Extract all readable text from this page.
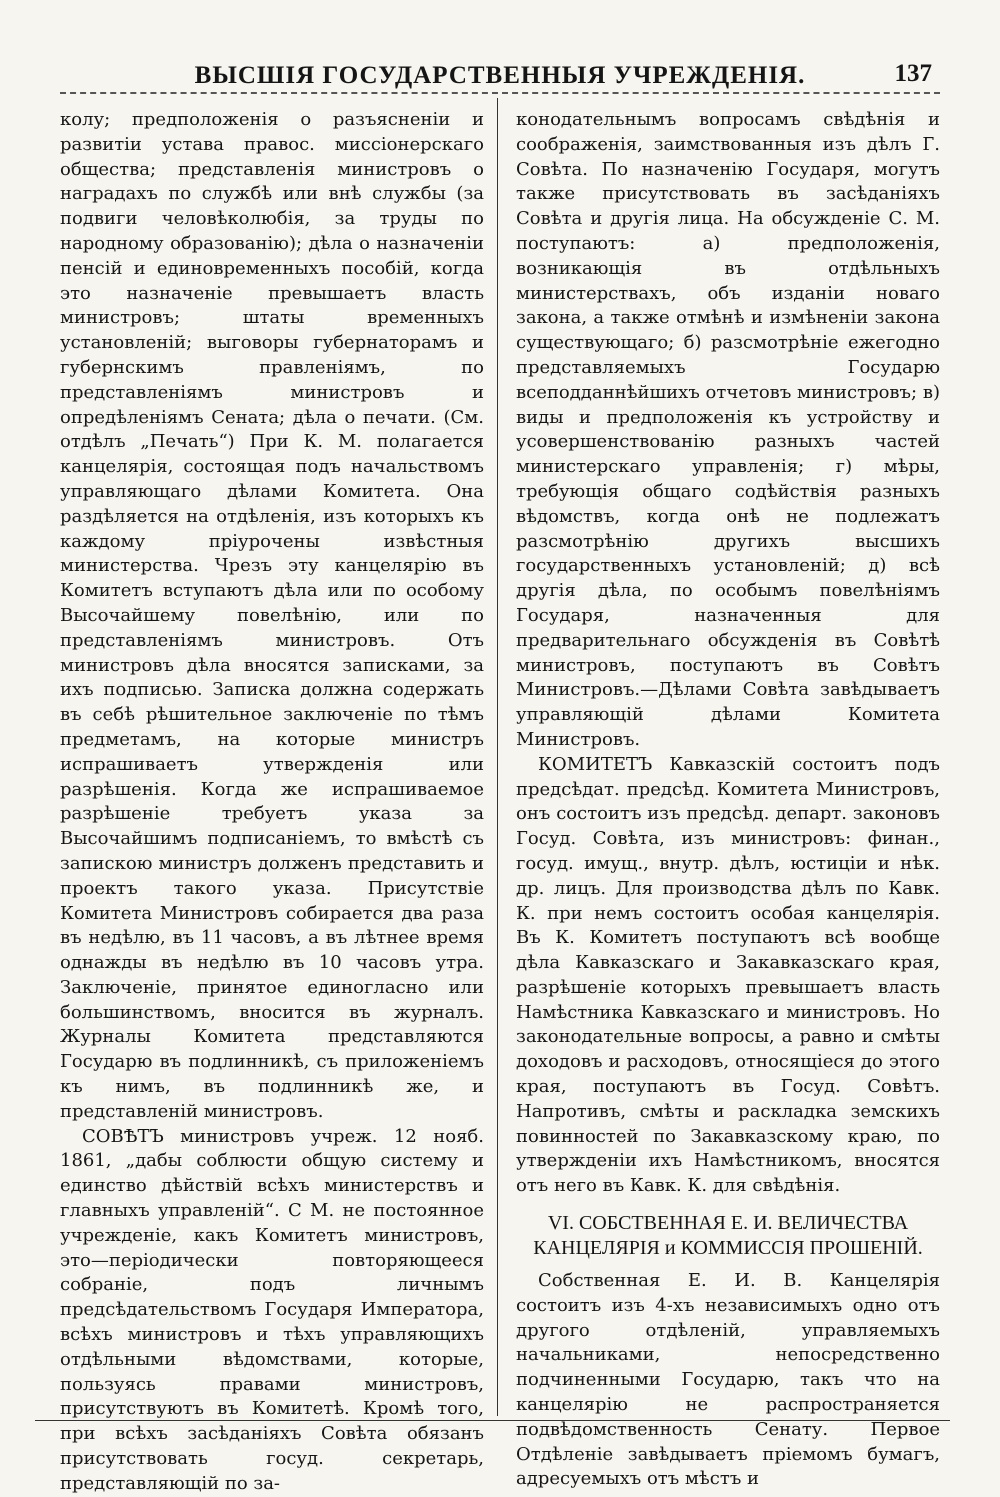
ВЫСШІЯ ГОСУДАРСТВЕННЫЯ УЧРЕЖДЕНІЯ.	137

колу; предположенія о разъясненіи и развитіи устава правос. миссіонерскаго общества; представленія министровъ о наградахъ по службѣ или внѣ службы (за подвиги человѣколюбія, за труды по народному образованію); дѣла о назначеніи пенсій и единовременныхъ пособій, когда это назначеніе превышаетъ власть министровъ; штаты временныхъ установленій; выговоры губернаторамъ и губернскимъ правленіямъ, по представленіямъ министровъ и опредѣленіямъ Сената; дѣла о печати. (См. отдѣлъ „Печать“) При К. М. полагается канцелярія, состоящая подъ начальствомъ управляющаго дѣлами Комитета. Она раздѣляется на отдѣленія, изъ которыхъ къ каждому пріурочены извѣстныя министерства. Чрезъ эту канцелярію въ Комитетъ вступаютъ дѣла или по особому Высочайшему повелѣнію, или по представленіямъ министровъ. Отъ министровъ дѣла вносятся записками, за ихъ подписью. Записка должна содержать въ себѣ рѣшительное заключеніе по тѣмъ предметамъ, на которые министръ испрашиваетъ утвержденія или разрѣшенія. Когда же испрашиваемое разрѣшеніе требуетъ указа за Высочайшимъ подписаніемъ, то вмѣстѣ съ запискою министръ долженъ представить и проектъ такого указа. Присутствіе Комитета Министровъ собирается два раза въ недѣлю, въ 11 часовъ, а въ лѣтнее время однажды въ недѣлю въ 10 часовъ утра. Заключеніе, принятое единогласно или большинствомъ, вносится въ журналъ. Журналы Комитета представляются Государю въ подлинникѣ, съ приложеніемъ къ нимъ, въ подлинникѣ же, и представленій министровъ.

СОВѢТЪ министровъ учреж. 12 нояб. 1861, „дабы соблюсти общую систему и единство дѣйствій всѣхъ министерствъ и главныхъ управленій“. С М. не постоянное учрежденіе, какъ Комитетъ министровъ, это—періодически повторяющееся собраніе, подъ личнымъ предсѣдательствомъ Государя Императора, всѣхъ министровъ и тѣхъ управляющихъ отдѣльными вѣдомствами, которые, пользуясь правами министровъ, присутствуютъ въ Комитетѣ. Кромѣ того, при всѣхъ засѣданіяхъ Совѣта обязанъ присутствовать госуд. секретарь, представляющій по за-

конодательнымъ вопросамъ свѣдѣнія и соображенія, заимствованныя изъ дѣлъ Г. Совѣта. По назначенію Государя, могутъ также присутствовать въ засѣданіяхъ Совѣта и другія лица. На обсужденіе С. М. поступаютъ: а) предположенія, возникающія въ отдѣльныхъ министерствахъ, объ изданіи новаго закона, а также отмѣнѣ и измѣненіи закона существующаго; б) разсмотрѣніе ежегодно представляемыхъ Государю всеподданнѣйшихъ отчетовъ министровъ; в) виды и предположенія къ устройству и усовершенствованію разныхъ частей министерскаго управленія; г) мѣры, требующія общаго содѣйствія разныхъ вѣдомствъ, когда онѣ не подлежатъ разсмотрѣнію другихъ высшихъ государственныхъ установленій; д) всѣ другія дѣла, по особымъ повелѣніямъ Государя, назначенныя для предварительнаго обсужденія въ Совѣтѣ министровъ, поступаютъ въ Совѣтъ Министровъ.—Дѣлами Совѣта завѣдываетъ управляющій дѣлами Комитета Министровъ.

КОМИТЕТЪ Кавказскій состоитъ подъ предсѣдат. предсѣд. Комитета Министровъ, онъ состоитъ изъ предсѣд. департ. законовъ Госуд. Совѣта, изъ министровъ: финан., госуд. имущ., внутр. дѣлъ, юстиціи и нѣк. др. лицъ. Для производства дѣлъ по Кавк. К. при немъ состоитъ особая канцелярія. Въ К. Комитетъ поступаютъ всѣ вообще дѣла Кавказскаго и Закавказскаго края, разрѣшеніе которыхъ превышаетъ власть Намѣстника Кавказскаго и министровъ. Но законодательные вопросы, а равно и смѣты доходовъ и расходовъ, относящіеся до этого края, поступаютъ въ Госуд. Совѣтъ. Напротивъ, смѣты и раскладка земскихъ повинностей по Закавказскому краю, по утвержденіи ихъ Намѣстникомъ, вносятся отъ него въ Кавк. К. для свѣдѣнія.

VI. СОБСТВЕННАЯ Е. И. ВЕЛИЧЕСТВА КАНЦЕЛЯРІЯ и КОММИССІЯ ПРОШЕНІЙ.

Собственная Е. И. В. Канцелярія состоитъ изъ 4-хъ независимыхъ одно отъ другого отдѣленій, управляемыхъ начальниками, непосредственно подчиненными Государю, такъ что на канцелярію не распространяется подвѣдомственность Сенату. Первое Отдѣленіе завѣдываетъ пріемомъ бумагъ, адресуемыхъ отъ мѣстъ и
